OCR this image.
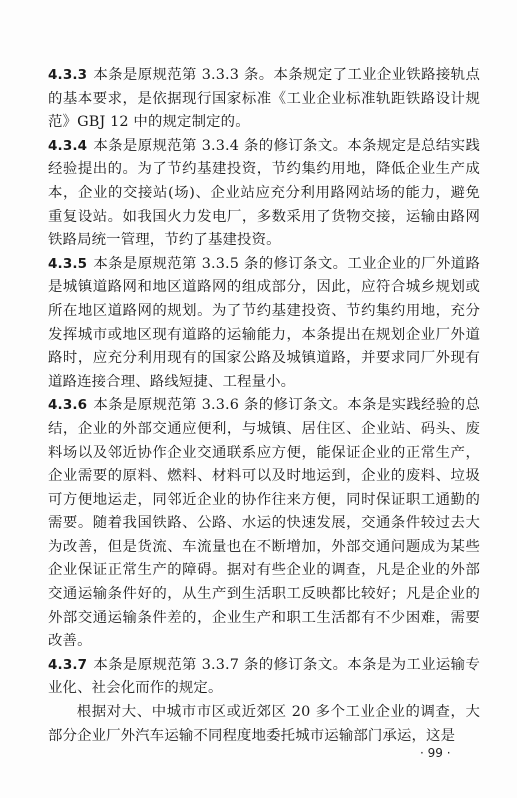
4.3.3 本条是原规范第 3.3.3 条。本条规定了工业企业铁路接轨点的基本要求，是依据现行国家标准《工业企业标准轨距铁路设计规范》GBJ 12 中的规定制定的。

4.3.4 本条是原规范第 3.3.4 条的修订条文。本条规定是总结实践经验提出的。为了节约基建投资，节约集约用地，降低企业生产成本，企业的交接站(场)、企业站应充分利用路网站场的能力，避免重复设站。如我国火力发电厂，多数采用了货物交接，运输由路网铁路局统一管理，节约了基建投资。

4.3.5 本条是原规范第 3.3.5 条的修订条文。工业企业的厂外道路是城镇道路网和地区道路网的组成部分，因此，应符合城乡规划或所在地区道路网的规划。为了节约基建投资、节约集约用地，充分发挥城市或地区现有道路的运输能力，本条提出在规划企业厂外道路时，应充分利用现有的国家公路及城镇道路，并要求同厂外现有道路连接合理、路线短捷、工程量小。

4.3.6 本条是原规范第 3.3.6 条的修订条文。本条是实践经验的总结，企业的外部交通应便利，与城镇、居住区、企业站、码头、废料场以及邻近协作企业交通联系应方便，能保证企业的正常生产，企业需要的原料、燃料、材料可以及时地运到，企业的废料、垃圾可方便地运走，同邻近企业的协作往来方便，同时保证职工通勤的需要。随着我国铁路、公路、水运的快速发展，交通条件较过去大为改善，但是货流、车流量也在不断增加，外部交通问题成为某些企业保证正常生产的障碍。据对有些企业的调查，凡是企业的外部交通运输条件好的，从生产到生活职工反映都比较好；凡是企业的外部交通运输条件差的，企业生产和职工生活都有不少困难，需要改善。

4.3.7 本条是原规范第 3.3.7 条的修订条文。本条是为工业运输专业化、社会化而作的规定。

根据对大、中城市市区或近郊区 20 多个工业企业的调查，大部分企业厂外汽车运输不同程度地委托城市运输部门承运，这是

· 99 ·
